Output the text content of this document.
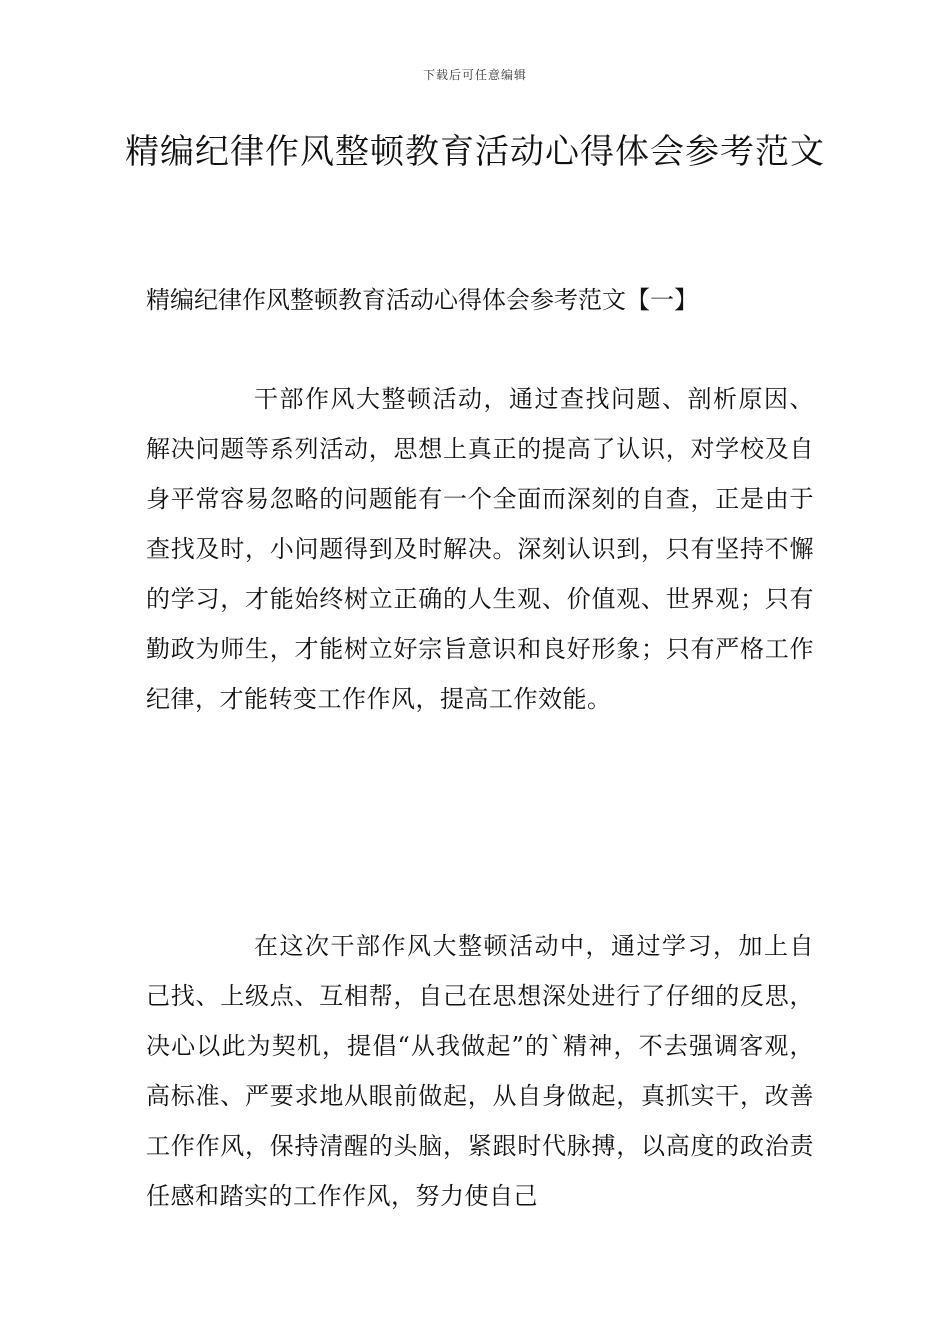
下载后可任意编辑
精编纪律作风整顿教育活动心得体会参考范文
精编纪律作风整顿教育活动心得体会参考范文【一】

干部作风大整顿活动，通过查找问题、剖析原因、解决问题等系列活动，思想上真正的提高了认识，对学校及自身平常容易忽略的问题能有一个全面而深刻的自查，正是由于查找及时，小问题得到及时解决。深刻认识到，只有坚持不懈的学习，才能始终树立正确的人生观、价值观、世界观；只有勤政为师生，才能树立好宗旨意识和良好形象；只有严格工作纪律，才能转变工作作风，提高工作效能。

在这次干部作风大整顿活动中，通过学习，加上自己找、上级点、互相帮，自己在思想深处进行了仔细的反思，决心以此为契机，提倡“从我做起”的`精神，不去强调客观，高标准、严要求地从眼前做起，从自身做起，真抓实干，改善工作作风，保持清醒的头脑，紧跟时代脉搏，以高度的政治责任感和踏实的工作作风，努力使自己
